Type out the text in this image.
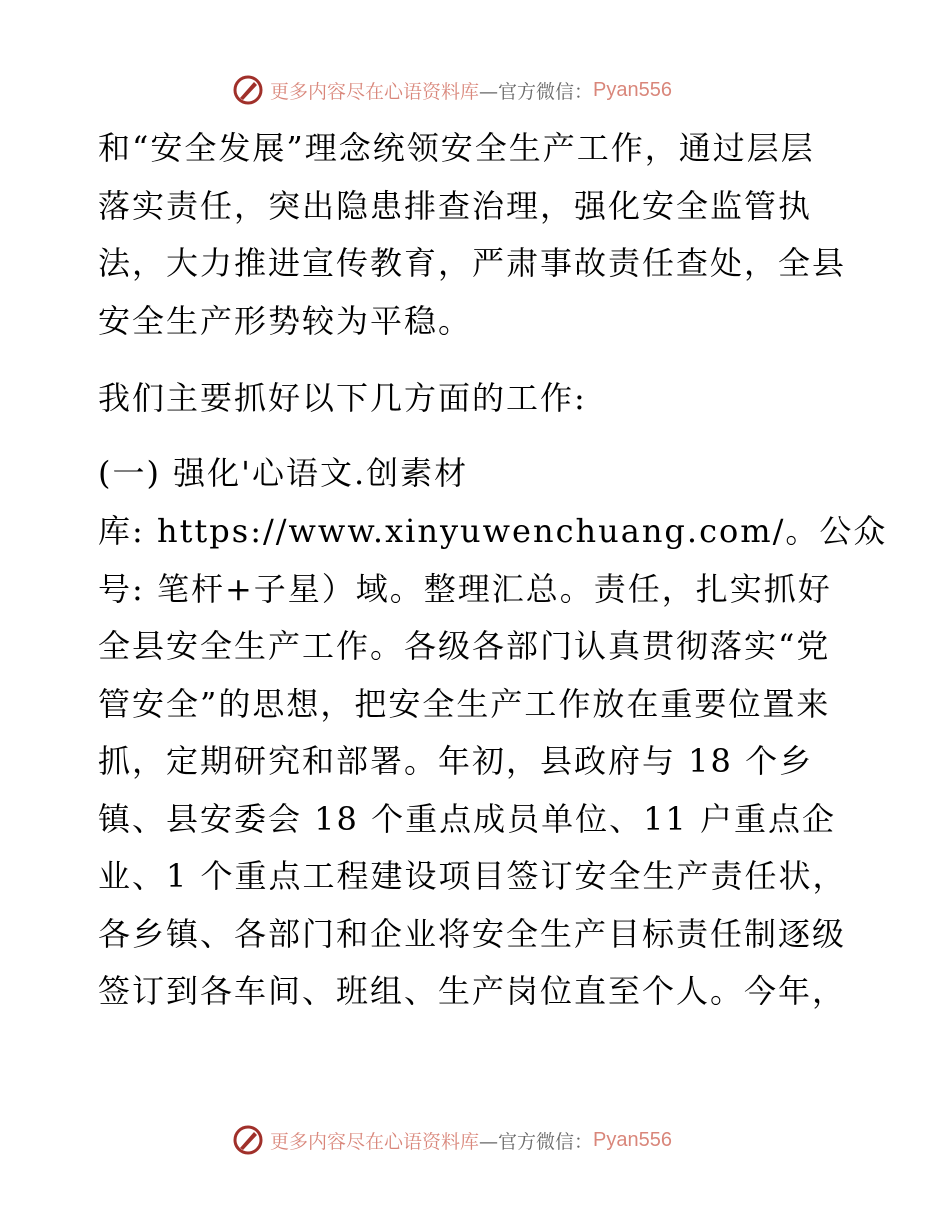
更多内容尽在心语资料库 —官方微信： Pyan556
和“安全发展”理念统领安全生产工作，通过层层
落实责任，突出隐患排查治理，强化安全监管执
法，大力推进宣传教育，严肃事故责任查处，全县
安全生产形势较为平稳。
我们主要抓好以下几方面的工作:
(一) 强化'心语文.创素材
库: https://www.xinyuwenchuang.com/。公众
号: 笔杆+子星）域。整理汇总。责任，扎实抓好
全县安全生产工作。各级各部门认真贯彻落实“党
管安全”的思想，把安全生产工作放在重要位置来
抓，定期研究和部署。年初，县政府与 18 个乡
镇、县安委会 18 个重点成员单位、11 户重点企
业、1 个重点工程建设项目签订安全生产责任状，
各乡镇、各部门和企业将安全生产目标责任制逐级
签订到各车间、班组、生产岗位直至个人。今年，
更多内容尽在心语资料库 —官方微信： Pyan556
